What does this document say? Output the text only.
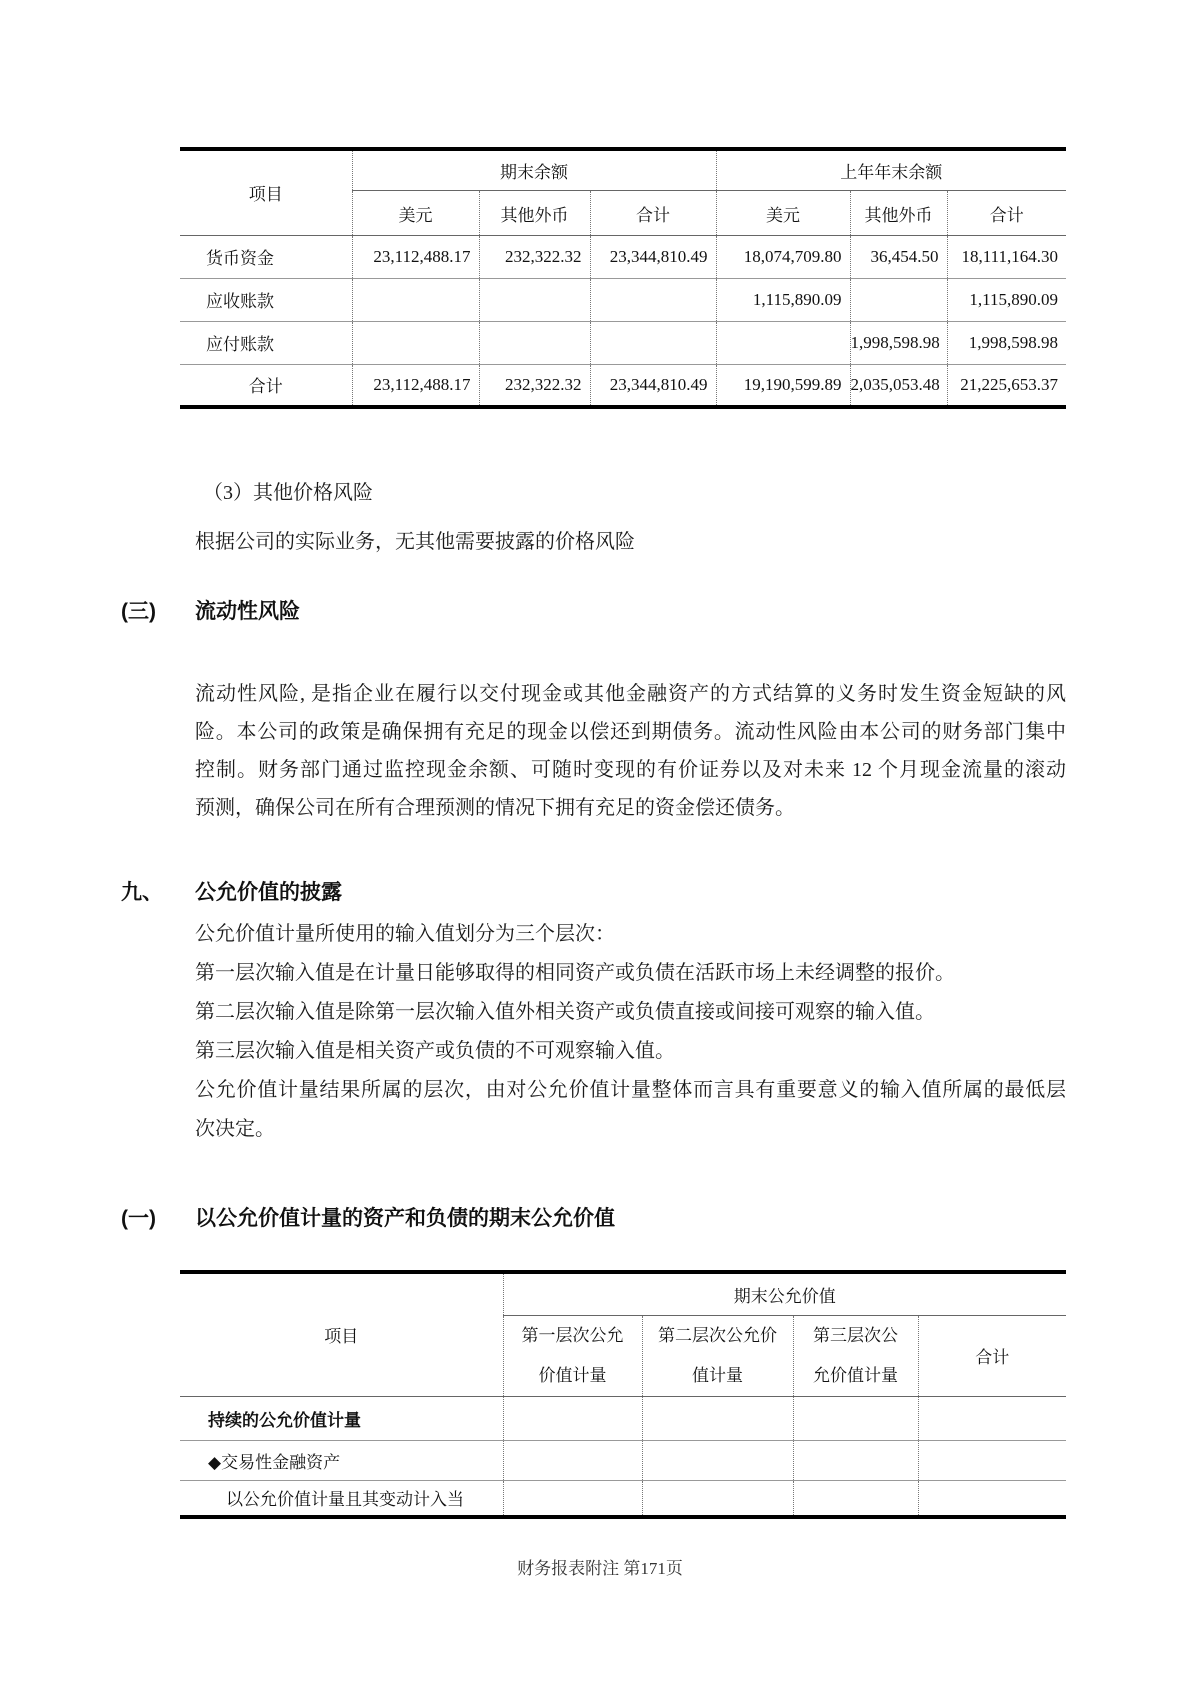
项目	期末余额			上年年末余额		
	美元	其他外币	合计	美元	其他外币	合计
货币资金	23,112,488.17	232,322.32	23,344,810.49	18,074,709.80	36,454.50	18,111,164.30
应收账款				1,115,890.09		1,115,890.09
应付账款					1,998,598.98	1,998,598.98
合计	23,112,488.17	232,322.32	23,344,810.49	19,190,599.89	2,035,053.48	21,225,653.37
（3）其他价格风险
根据公司的实际业务，无其他需要披露的价格风险
(三) 流动性风险
流动性风险, 是指企业在履行以交付现金或其他金融资产的方式结算的义务时发生资金短缺的风
险。本公司的政策是确保拥有充足的现金以偿还到期债务。流动性风险由本公司的财务部门集中
控制。财务部门通过监控现金余额、可随时变现的有价证券以及对未来 12 个月现金流量的滚动
预测，确保公司在所有合理预测的情况下拥有充足的资金偿还债务。
九、 公允价值的披露
公允价值计量所使用的输入值划分为三个层次：
第一层次输入值是在计量日能够取得的相同资产或负债在活跃市场上未经调整的报价。
第二层次输入值是除第一层次输入值外相关资产或负债直接或间接可观察的输入值。
第三层次输入值是相关资产或负债的不可观察输入值。
公允价值计量结果所属的层次，由对公允价值计量整体而言具有重要意义的输入值所属的最低层
次决定。
(一) 以公允价值计量的资产和负债的期末公允价值
项目	期末公允价值			
	第一层次公允价值计量	第二层次公允价值计量	第三层次公允价值计量	合计
持续的公允价值计量				
◆交易性金融资产				
以公允价值计量且其变动计入当				
财务报表附注 第171页
